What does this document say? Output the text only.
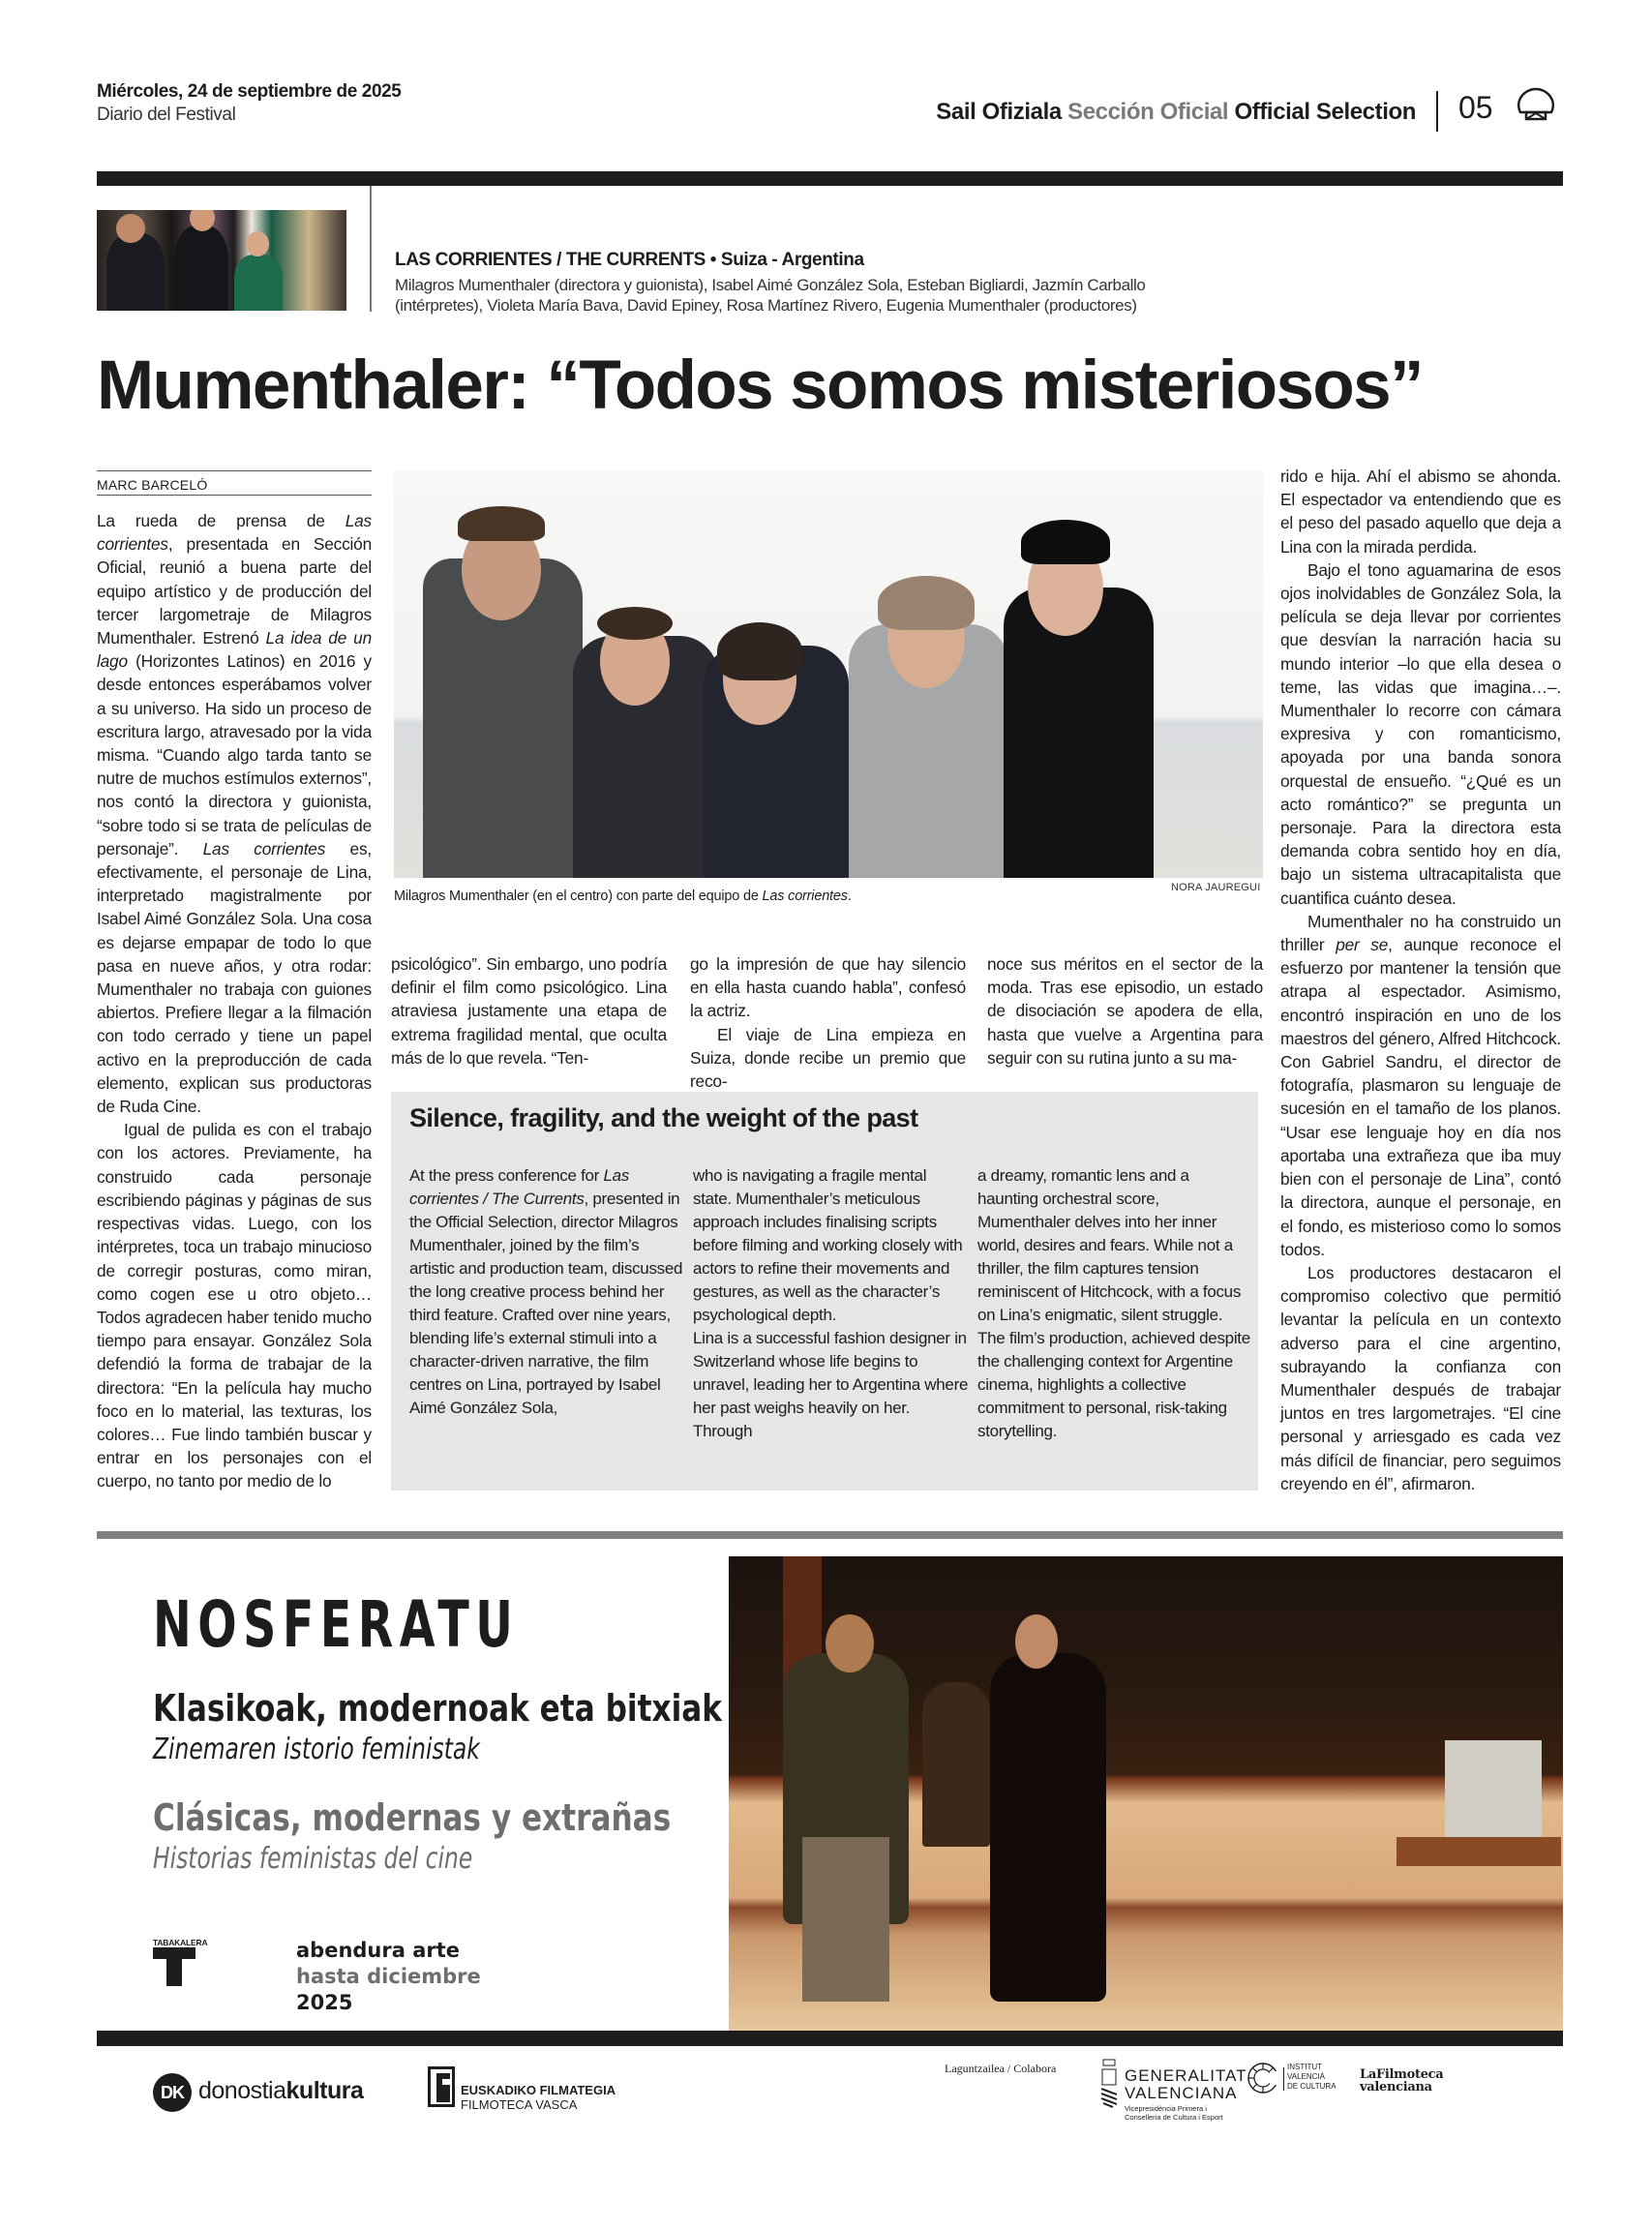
Miércoles, 24 de septiembre de 2025
Diario del Festival	Sail Ofiziala Sección Oficial Official Selection 05
LAS CORRIENTES / THE CURRENTS • Suiza - Argentina
Milagros Mumenthaler (directora y guionista), Isabel Aimé González Sola, Esteban Bigliardi, Jazmín Carballo (intérpretes), Violeta María Bava, David Epiney, Rosa Martínez Rivero, Eugenia Mumenthaler (productores)
Mumenthaler: “Todos somos misteriosos”
MARC BARCELÓ

La rueda de prensa de Las corrientes, presentada en Sección Oficial, reunió a buena parte del equipo artístico y de producción del tercer largometraje de Milagros Mumenthaler. Estrenó La idea de un lago (Horizontes Latinos) en 2016 y desde entonces esperábamos volver a su universo. Ha sido un proceso de escritura largo, atravesado por la vida misma. “Cuando algo tarda tanto se nutre de muchos estímulos externos”, nos contó la directora y guionista, “sobre todo si se trata de películas de personaje”. Las corrientes es, efectivamente, el personaje de Lina, interpretado magistralmente por Isabel Aimé González Sola. Una cosa es dejarse empapar de todo lo que pasa en nueve años, y otra rodar: Mumenthaler no trabaja con guiones abiertos. Prefiere llegar a la filmación con todo cerrado y tiene un papel activo en la preproducción de cada elemento, explican sus productoras de Ruda Cine.

Igual de pulida es con el trabajo con los actores. Previamente, ha construido cada personaje escribiendo páginas y páginas de sus respectivas vidas. Luego, con los intérpretes, toca un trabajo minucioso de corregir posturas, como miran, como cogen ese u otro objeto… Todos agradecen haber tenido mucho tiempo para ensayar. González Sola defendió la forma de trabajar de la directora: “En la película hay mucho foco en lo material, las texturas, los colores… Fue lindo también buscar y entrar en los personajes con el cuerpo, no tanto por medio de lo

NORA JAUREGUI
Milagros Mumenthaler (en el centro) con parte del equipo de Las corrientes.

psicológico”. Sin embargo, uno podría definir el film como psicológico. Lina atraviesa justamente una etapa de extrema fragilidad mental, que oculta más de lo que revela. “Ten-

go la impresión de que hay silencio en ella hasta cuando habla”, confesó la actriz.

El viaje de Lina empieza en Suiza, donde recibe un premio que reco-

noce sus méritos en el sector de la moda. Tras ese episodio, un estado de disociación se apodera de ella, hasta que vuelve a Argentina para seguir con su rutina junto a su ma-

rido e hija. Ahí el abismo se ahonda. El espectador va entendiendo que es el peso del pasado aquello que deja a Lina con la mirada perdida.

Bajo el tono aguamarina de esos ojos inolvidables de González Sola, la película se deja llevar por corrientes que desvían la narración hacia su mundo interior –lo que ella desea o teme, las vidas que imagina…–. Mumenthaler lo recorre con cámara expresiva y con romanticismo, apoyada por una banda sonora orquestal de ensueño. “¿Qué es un acto romántico?” se pregunta un personaje. Para la directora esta demanda cobra sentido hoy en día, bajo un sistema ultracapitalista que cuantifica cuánto desea.

Mumenthaler no ha construido un thriller per se, aunque reconoce el esfuerzo por mantener la tensión que atrapa al espectador. Asimismo, encontró inspiración en uno de los maestros del género, Alfred Hitchcock. Con Gabriel Sandru, el director de fotografía, plasmaron su lenguaje de sucesión en el tamaño de los planos. “Usar ese lenguaje hoy en día nos aportaba una extrañeza que iba muy bien con el personaje de Lina”, contó la directora, aunque el personaje, en el fondo, es misterioso como lo somos todos.

Los productores destacaron el compromiso colectivo que permitió levantar la película en un contexto adverso para el cine argentino, subrayando la confianza con Mumenthaler después de trabajar juntos en tres largometrajes. “El cine personal y arriesgado es cada vez más difícil de financiar, pero seguimos creyendo en él”, afirmaron.

Silence, fragility, and the weight of the past
At the press conference for Las corrientes / The Currents, presented in the Official Selection, director Milagros Mumenthaler, joined by the film’s artistic and production team, discussed the long creative process behind her third feature. Crafted over nine years, blending life’s external stimuli into a character-driven narrative, the film centres on Lina, portrayed by Isabel Aimé González Sola,

who is navigating a fragile mental state. Mumenthaler’s meticulous approach includes finalising scripts before filming and working closely with actors to refine their movements and gestures, as well as the character’s psychological depth.

Lina is a successful fashion designer in Switzerland whose life begins to unravel, leading her to Argentina where her past weighs heavily on her. Through

a dreamy, romantic lens and a haunting orchestral score, Mumenthaler delves into her inner world, desires and fears. While not a thriller, the film captures tension reminiscent of Hitchcock, with a focus on Lina’s enigmatic, silent struggle. The film’s production, achieved despite the challenging context for Argentine cinema, highlights a collective commitment to personal, risk-taking storytelling.

NOSFERATU
Klasikoak, modernoak eta bitxiak
Zinemaren istorio feministak
Clásicas, modernas y extrañas
Historias feministas del cine
TABAKALERA	abendura arte
hasta diciembre
2025
DK donostiakultura	EUSKADIKO FILMATEGIA
FILMOTECA VASCA
Laguntzailea / Colabora	GENERALITAT
VALENCIANA
Vicepresidència Primera i
Conselleria de Cultura i Esport
INSTITUT
VALENCIÀ
DE CULTURA
LaFilmoteca
valenciana
